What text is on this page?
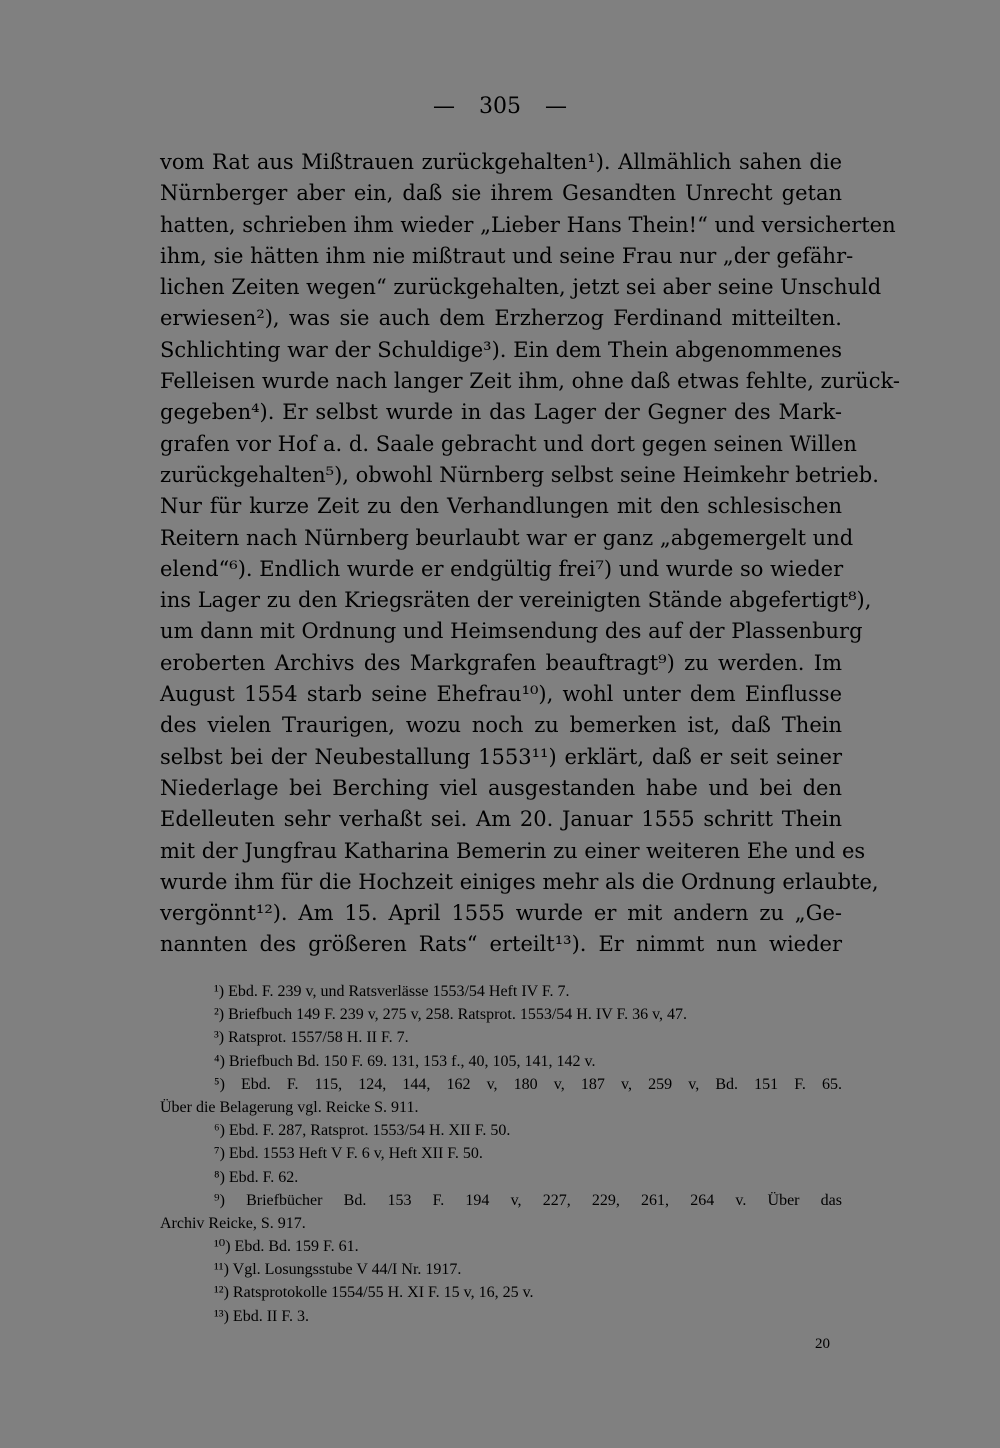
— 305 —
vom Rat aus Mißtrauen zurückgehalten¹). Allmählich sahen die
Nürnberger aber ein, daß sie ihrem Gesandten Unrecht getan
hatten, schrieben ihm wieder „Lieber Hans Thein!“ und versicherten
ihm, sie hätten ihm nie mißtraut und seine Frau nur „der gefähr-
lichen Zeiten wegen“ zurückgehalten, jetzt sei aber seine Unschuld
erwiesen²), was sie auch dem Erzherzog Ferdinand mitteilten.
Schlichting war der Schuldige³). Ein dem Thein abgenommenes
Felleisen wurde nach langer Zeit ihm, ohne daß etwas fehlte, zurück-
gegeben⁴). Er selbst wurde in das Lager der Gegner des Mark-
grafen vor Hof a. d. Saale gebracht und dort gegen seinen Willen
zurückgehalten⁵), obwohl Nürnberg selbst seine Heimkehr betrieb.
Nur für kurze Zeit zu den Verhandlungen mit den schlesischen
Reitern nach Nürnberg beurlaubt war er ganz „abgemergelt und
elend“⁶). Endlich wurde er endgültig frei⁷) und wurde so wieder
ins Lager zu den Kriegsräten der vereinigten Stände abgefertigt⁸),
um dann mit Ordnung und Heimsendung des auf der Plassenburg
eroberten Archivs des Markgrafen beauftragt⁹) zu werden. Im
August 1554 starb seine Ehefrau¹⁰), wohl unter dem Einflusse
des vielen Traurigen, wozu noch zu bemerken ist, daß Thein
selbst bei der Neubestallung 1553¹¹) erklärt, daß er seit seiner
Niederlage bei Berching viel ausgestanden habe und bei den
Edelleuten sehr verhaßt sei. Am 20. Januar 1555 schritt Thein
mit der Jungfrau Katharina Bemerin zu einer weiteren Ehe und es
wurde ihm für die Hochzeit einiges mehr als die Ordnung erlaubte,
vergönnt¹²). Am 15. April 1555 wurde er mit andern zu „Ge-
nannten des größeren Rats“ erteilt¹³). Er nimmt nun wieder
¹) Ebd. F. 239 v, und Ratsverlässe 1553/54 Heft IV F. 7.
²) Briefbuch 149 F. 239 v, 275 v, 258. Ratsprot. 1553/54 H. IV F. 36 v, 47.
³) Ratsprot. 1557/58 H. II F. 7.
⁴) Briefbuch Bd. 150 F. 69. 131, 153 f., 40, 105, 141, 142 v.
⁵) Ebd. F. 115, 124, 144, 162 v, 180 v, 187 v, 259 v, Bd. 151 F. 65.
Über die Belagerung vgl. Reicke S. 911.
⁶) Ebd. F. 287, Ratsprot. 1553/54 H. XII F. 50.
⁷) Ebd. 1553 Heft V F. 6 v, Heft XII F. 50.
⁸) Ebd. F. 62.
⁹) Briefbücher Bd. 153 F. 194 v, 227, 229, 261, 264 v. Über das
Archiv Reicke, S. 917.
¹⁰) Ebd. Bd. 159 F. 61.
¹¹) Vgl. Losungsstube V 44/I Nr. 1917.
¹²) Ratsprotokolle 1554/55 H. XI F. 15 v, 16, 25 v.
¹³) Ebd. II F. 3.
20
